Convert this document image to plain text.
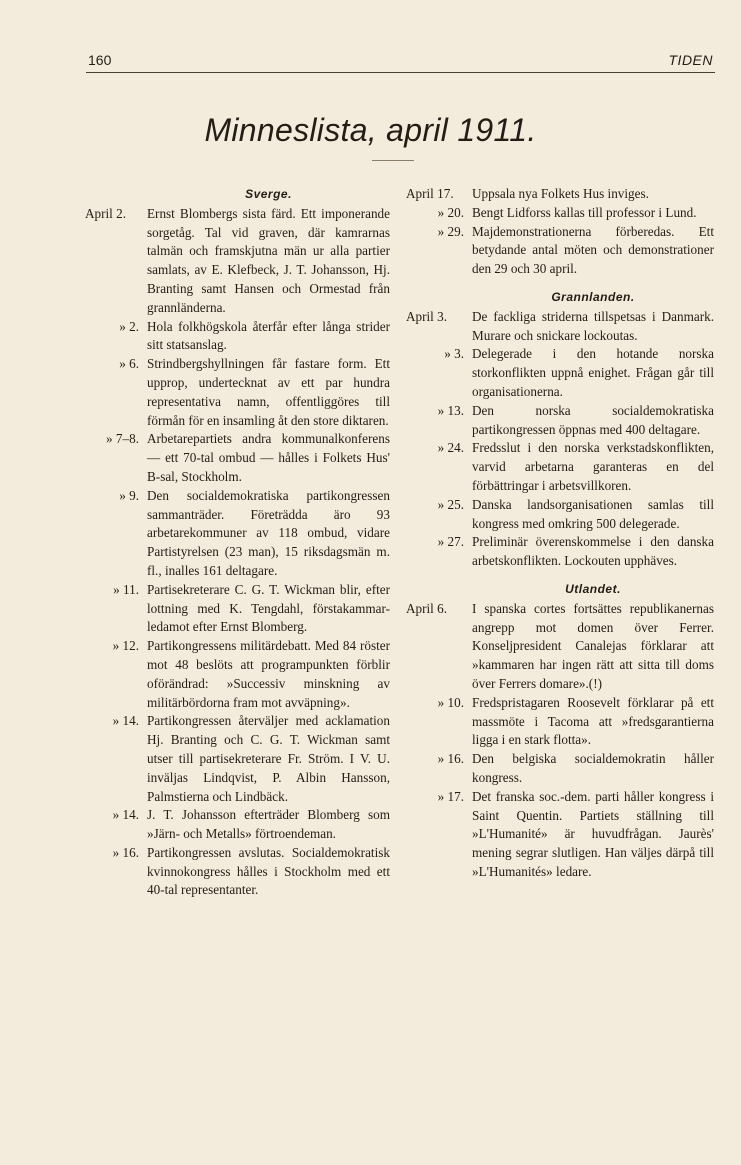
160	TIDEN
Minneslista, april 1911.
Sverge.
April 2.	Ernst Blombergs sista färd. Ett imponerande sorgetåg. Tal vid graven, där kamrarnas talmän och framskjutna män ur alla partier samlats, av E. Klefbeck, J. T. Johansson, Hj. Branting samt Hansen och Ormestad från grannländerna.
» 2. Hola folkhögskola återfår efter långa strider sitt statsanslag.
» 6. Strindbergshyllningen får fastare form. Ett upprop, undertecknat av ett par hundra representativa namn, offentliggöres till förmån för en insamling åt den store diktaren.
» 7–8. Arbetarepartiets andra kommunalkonferens — ett 70-tal ombud — hålles i Folkets Hus' B-sal, Stockholm.
» 9. Den socialdemokratiska partikongressen sammanträder. Företrädda äro 93 arbetarekommuner av 118 ombud, vidare Partistyrelsen (23 man), 15 riksdagsmän m. fl., inalles 161 deltagare.
» 11. Partisekreterare C. G. T. Wickman blir, efter lottning med K. Tengdahl, förstakammar-ledamot efter Ernst Blomberg.
» 12. Partikongressens militärdebatt. Med 84 röster mot 48 beslöts att programpunkten förblir oförändrad: »Successiv minskning av militärbördorna fram mot avväpning».
» 14. Partikongressen återväljer med acklamation Hj. Branting och C. G. T. Wickman samt utser till partisekreterare Fr. Ström. I V. U. inväljas Lindqvist, P. Albin Hansson, Palmstierna och Lindbäck.
» 14. J. T. Johansson efterträder Blomberg som »Järn- och Metalls» förtroendeman.
» 16. Partikongressen avslutas. Socialdemokratisk kvinnokongress hålles i Stockholm med ett 40-tal representanter.
April 17.	Uppsala nya Folkets Hus inviges.
» 20. Bengt Lidforss kallas till professor i Lund.
» 29. Majdemonstrationerna förberedas. Ett betydande antal möten och demonstrationer den 29 och 30 april.
Grannlanden.
April 3.	De fackliga striderna tillspetsas i Danmark. Murare och snickare lockoutas.
» 3. Delegerade i den hotande norska storkonflikten uppnå enighet. Frågan går till organisationerna.
» 13. Den norska socialdemokratiska partikongressen öppnas med 400 deltagare.
» 24. Fredsslut i den norska verkstadskonflikten, varvid arbetarna garanteras en del förbättringar i arbetsvillkoren.
» 25. Danska landsorganisationen samlas till kongress med omkring 500 delegerade.
» 27. Preliminär överenskommelse i den danska arbetskonflikten. Lockouten upphäves.
Utlandet.
April 6.	I spanska cortes fortsättes republikanernas angrepp mot domen över Ferrer. Konseljpresident Canalejas förklarar att »kammaren har ingen rätt att sitta till doms över Ferrers domare».(!)
» 10. Fredspristagaren Roosevelt förklarar på ett massmöte i Tacoma att »fredsgarantierna ligga i en stark flotta».
» 16. Den belgiska socialdemokratin håller kongress.
» 17. Det franska soc.-dem. parti håller kongress i Saint Quentin. Partiets ställning till »L'Humanité» är huvudfrågan. Jaurès' mening segrar slutligen. Han väljes därpå till »L'Humanités» ledare.
